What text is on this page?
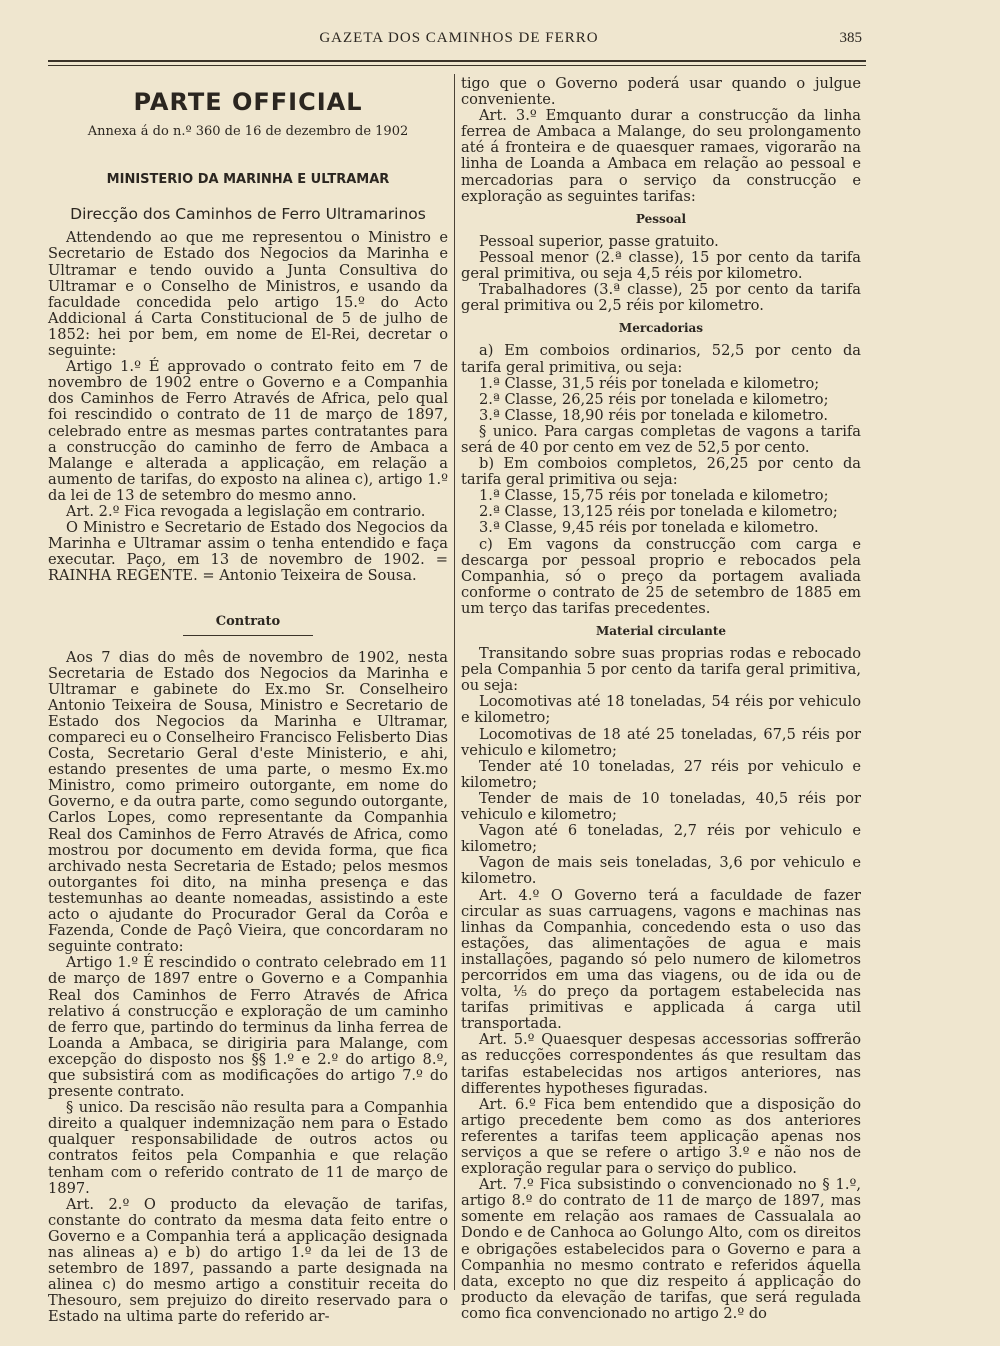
GAZETA DOS CAMINHOS DE FERRO	385
PARTE OFFICIAL
Annexa á do n.º 360 de 16 de dezembro de 1902
MINISTERIO DA MARINHA E ULTRAMAR
Direcção dos Caminhos de Ferro Ultramarinos

Attendendo ao que me representou o Ministro e Secretario de Estado dos Negocios da Marinha e Ultramar e tendo ouvido a Junta Consultiva do Ultramar e o Conselho de Ministros, e usando da faculdade concedida pelo artigo 15.º do Acto Addicional á Carta Constitucional de 5 de julho de 1852: hei por bem, em nome de El-Rei, decretar o seguinte:

Artigo 1.º É approvado o contrato feito em 7 de novembro de 1902 entre o Governo e a Companhia dos Caminhos de Ferro Através de Africa, pelo qual foi rescindido o contrato de 11 de março de 1897, celebrado entre as mesmas partes contratantes para a construcção do caminho de ferro de Ambaca a Malange e alterada a applicação, em relação a aumento de tarifas, do exposto na alinea c), artigo 1.º da lei de 13 de setembro do mesmo anno.

Art. 2.º Fica revogada a legislação em contrario.

O Ministro e Secretario de Estado dos Negocios da Marinha e Ultramar assim o tenha entendido e faça executar. Paço, em 13 de novembro de 1902. = RAINHA REGENTE. = Antonio Teixeira de Sousa.

Contrato

Aos 7 dias do mês de novembro de 1902, nesta Secretaria de Estado dos Negocios da Marinha e Ultramar e gabinete do Ex.mo Sr. Conselheiro Antonio Teixeira de Sousa, Ministro e Secretario de Estado dos Negocios da Marinha e Ultramar, compareci eu o Conselheiro Francisco Felisberto Dias Costa, Secretario Geral d'este Ministerio, e ahi, estando presentes de uma parte, o mesmo Ex.mo Ministro, como primeiro outorgante, em nome do Governo, e da outra parte, como segundo outorgante, Carlos Lopes, como representante da Companhia Real dos Caminhos de Ferro Através de Africa, como mostrou por documento em devida forma, que fica archivado nesta Secretaria de Estado; pelos mesmos outorgantes foi dito, na minha presença e das testemunhas ao deante nomeadas, assistindo a este acto o ajudante do Procurador Geral da Corôa e Fazenda, Conde de Paçô Vieira, que concordaram no seguinte contrato:

Artigo 1.º É rescindido o contrato celebrado em 11 de março de 1897 entre o Governo e a Companhia Real dos Caminhos de Ferro Através de Africa relativo á construcção e exploração de um caminho de ferro que, partindo do terminus da linha ferrea de Loanda a Ambaca, se dirigiria para Malange, com excepção do disposto nos §§ 1.º e 2.º do artigo 8.º, que subsistirá com as modificações do artigo 7.º do presente contrato.

§ unico. Da rescisão não resulta para a Companhia direito a qualquer indemnização nem para o Estado qualquer responsabilidade de outros actos ou contratos feitos pela Companhia e que relação tenham com o referido contrato de 11 de março de 1897.

Art. 2.º O producto da elevação de tarifas, constante do contrato da mesma data feito entre o Governo e a Companhia terá a applicação designada nas alineas a) e b) do artigo 1.º da lei de 13 de setembro de 1897, passando a parte designada na alinea c) do mesmo artigo a constituir receita do Thesouro, sem prejuizo do direito reservado para o Estado na ultima parte do referido ar-

tigo que o Governo poderá usar quando o julgue conveniente.

Art. 3.º Emquanto durar a construcção da linha ferrea de Ambaca a Malange, do seu prolongamento até á fronteira e de quaesquer ramaes, vigorarão na linha de Loanda a Ambaca em relação ao pessoal e mercadorias para o serviço da construcção e exploração as seguintes tarifas:

Pessoal

Pessoal superior, passe gratuito.

Pessoal menor (2.ª classe), 15 por cento da tarifa geral primitiva, ou seja 4,5 réis por kilometro.

Trabalhadores (3.ª classe), 25 por cento da tarifa geral primitiva ou 2,5 réis por kilometro.

Mercadorias

a) Em comboios ordinarios, 52,5 por cento da tarifa geral primitiva, ou seja:

1.ª Classe, 31,5 réis por tonelada e kilometro;

2.ª Classe, 26,25 réis por tonelada e kilometro;

3.ª Classe, 18,90 réis por tonelada e kilometro.

§ unico. Para cargas completas de vagons a tarifa será de 40 por cento em vez de 52,5 por cento.

b) Em comboios completos, 26,25 por cento da tarifa geral primitiva ou seja:

1.ª Classe, 15,75 réis por tonelada e kilometro;

2.ª Classe, 13,125 réis por tonelada e kilometro;

3.ª Classe, 9,45 réis por tonelada e kilometro.

c) Em vagons da construcção com carga e descarga por pessoal proprio e rebocados pela Companhia, só o preço da portagem avaliada conforme o contrato de 25 de setembro de 1885 em um terço das tarifas precedentes.

Material circulante

Transitando sobre suas proprias rodas e rebocado pela Companhia 5 por cento da tarifa geral primitiva, ou seja:

Locomotivas até 18 toneladas, 54 réis por vehiculo e kilometro;

Locomotivas de 18 até 25 toneladas, 67,5 réis por vehiculo e kilometro;

Tender até 10 toneladas, 27 réis por vehiculo e kilometro;

Tender de mais de 10 toneladas, 40,5 réis por vehiculo e kilometro;

Vagon até 6 toneladas, 2,7 réis por vehiculo e kilometro;

Vagon de mais seis toneladas, 3,6 por vehiculo e kilometro.

Art. 4.º O Governo terá a faculdade de fazer circular as suas carruagens, vagons e machinas nas linhas da Companhia, concedendo esta o uso das estações, das alimentações de agua e mais installações, pagando só pelo numero de kilometros percorridos em uma das viagens, ou de ida ou de volta, ⅕ do preço da portagem estabelecida nas tarifas primitivas e applicada á carga util transportada.

Art. 5.º Quaesquer despesas accessorias soffrerão as reducções correspondentes ás que resultam das tarifas estabelecidas nos artigos anteriores, nas differentes hypotheses figuradas.

Art. 6.º Fica bem entendido que a disposição do artigo precedente bem como as dos anteriores referentes a tarifas teem applicação apenas nos serviços a que se refere o artigo 3.º e não nos de exploração regular para o serviço do publico.

Art. 7.º Fica subsistindo o convencionado no § 1.º, artigo 8.º do contrato de 11 de março de 1897, mas somente em relação aos ramaes de Cassualala ao Dondo e de Canhoca ao Golungo Alto, com os direitos e obrigações estabelecidos para o Governo e para a Companhia no mesmo contrato e referidos áquella data, excepto no que diz respeito á applicação do producto da elevação de tarifas, que será regulada como fica convencionado no artigo 2.º do
